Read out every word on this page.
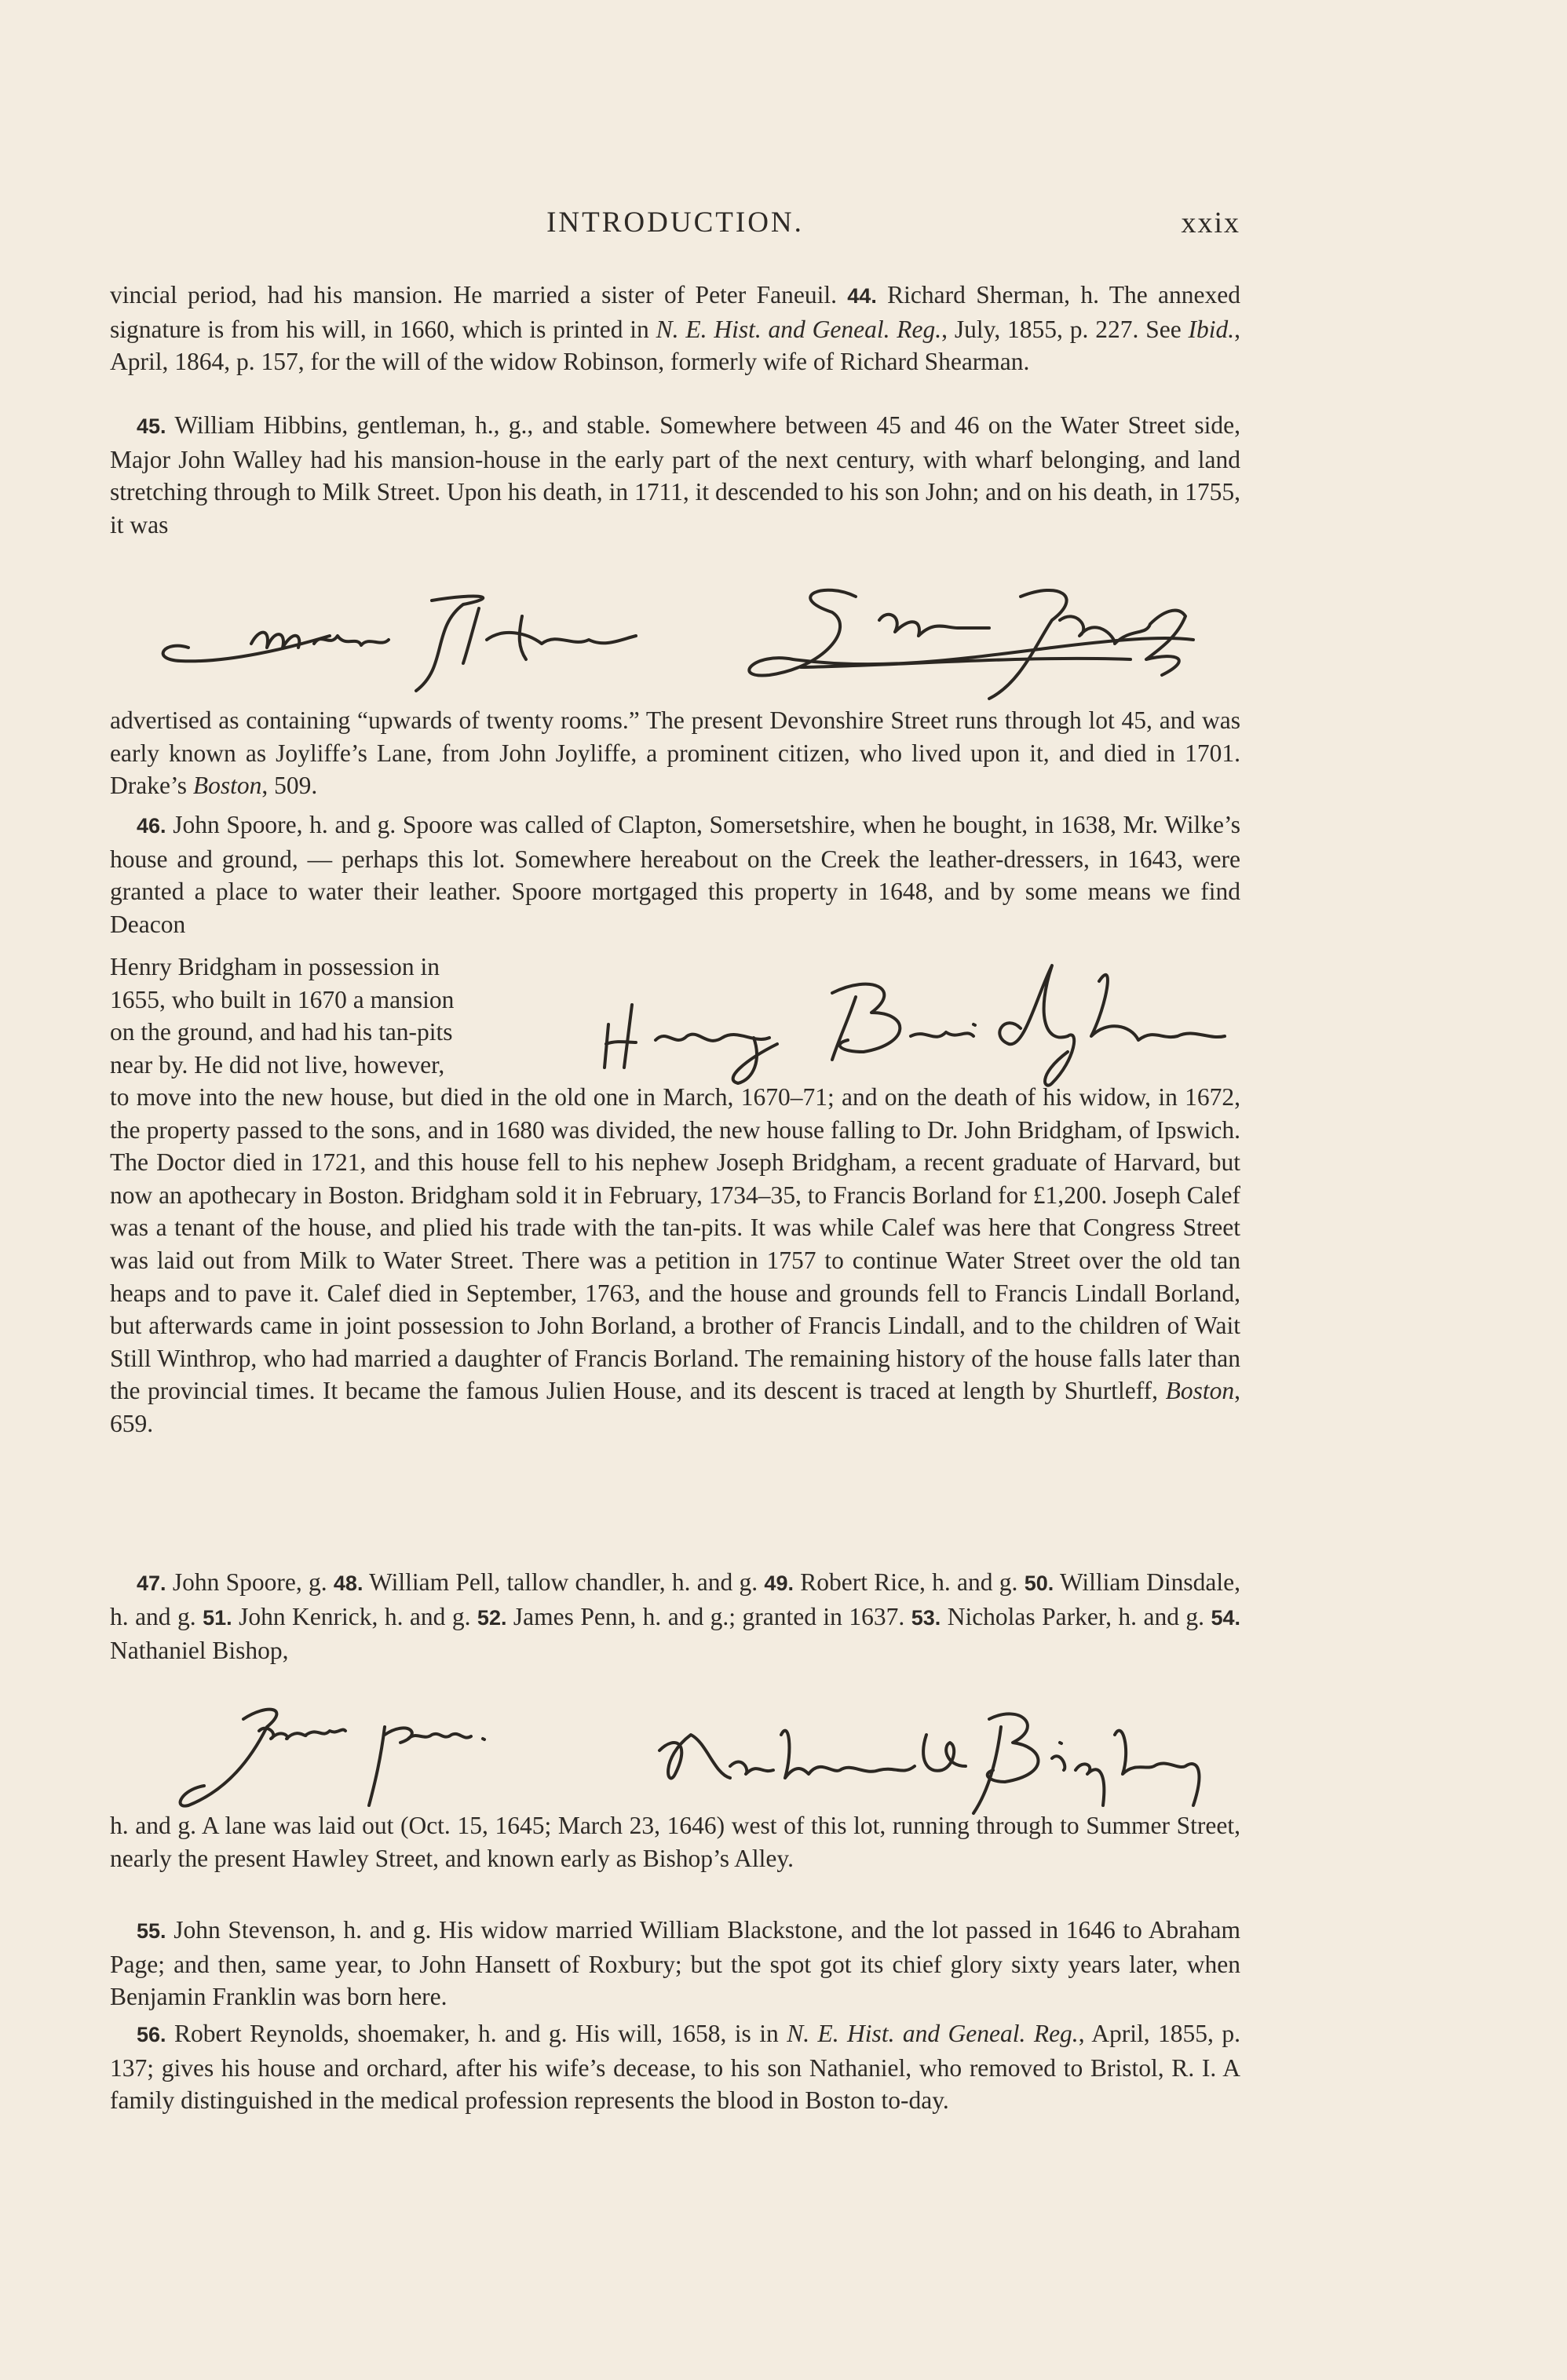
INTRODUCTION.	xxix

vincial period, had his mansion. He married a sister of Peter Faneuil. 44. Richard Sherman, h. The annexed signature is from his will, in 1660, which is printed in N. E. Hist. and Geneal. Reg., July, 1855, p. 227. See Ibid., April, 1864, p. 157, for the will of the widow Robinson, formerly wife of Richard Shearman.

45. William Hibbins, gentleman, h., g., and stable. Somewhere between 45 and 46 on the Water Street side, Major John Walley had his mansion-house in the early part of the next century, with wharf belonging, and land stretching through to Milk Street. Upon his death, in 1711, it descended to his son John; and on his death, in 1755, it was

advertised as containing “upwards of twenty rooms.” The present Devonshire Street runs through lot 45, and was early known as Joyliffe’s Lane, from John Joyliffe, a prominent citizen, who lived upon it, and died in 1701. Drake’s Boston, 509.

46. John Spoore, h. and g. Spoore was called of Clapton, Somersetshire, when he bought, in 1638, Mr. Wilke’s house and ground, — perhaps this lot. Somewhere hereabout on the Creek the leather-dressers, in 1643, were granted a place to water their leather. Spoore mortgaged this property in 1648, and by some means we find Deacon

Henry Bridgham in possession in
1655, who built in 1670 a mansion
on the ground, and had his tan-pits
near by. He did not live, however,

to move into the new house, but died in the old one in March, 1670–71; and on the death of his widow, in 1672, the property passed to the sons, and in 1680 was divided, the new house falling to Dr. John Bridgham, of Ipswich. The Doctor died in 1721, and this house fell to his nephew Joseph Bridgham, a recent graduate of Harvard, but now an apothecary in Boston. Bridgham sold it in February, 1734–35, to Francis Borland for £1,200. Joseph Calef was a tenant of the house, and plied his trade with the tan-pits. It was while Calef was here that Congress Street was laid out from Milk to Water Street. There was a petition in 1757 to continue Water Street over the old tan heaps and to pave it. Calef died in September, 1763, and the house and grounds fell to Francis Lindall Borland, but afterwards came in joint possession to John Borland, a brother of Francis Lindall, and to the children of Wait Still Winthrop, who had married a daughter of Francis Borland. The remaining history of the house falls later than the provincial times. It became the famous Julien House, and its descent is traced at length by Shurtleff, Boston, 659.

47. John Spoore, g. 48. William Pell, tallow chandler, h. and g. 49. Robert Rice, h. and g. 50. William Dinsdale, h. and g. 51. John Kenrick, h. and g. 52. James Penn, h. and g.; granted in 1637. 53. Nicholas Parker, h. and g. 54. Nathaniel Bishop,

h. and g. A lane was laid out (Oct. 15, 1645; March 23, 1646) west of this lot, running through to Summer Street, nearly the present Hawley Street, and known early as Bishop’s Alley.

55. John Stevenson, h. and g. His widow married William Blackstone, and the lot passed in 1646 to Abraham Page; and then, same year, to John Hansett of Roxbury; but the spot got its chief glory sixty years later, when Benjamin Franklin was born here.

56. Robert Reynolds, shoemaker, h. and g. His will, 1658, is in N. E. Hist. and Geneal. Reg., April, 1855, p. 137; gives his house and orchard, after his wife’s decease, to his son Nathaniel, who removed to Bristol, R. I. A family distinguished in the medical profession represents the blood in Boston to-day.
